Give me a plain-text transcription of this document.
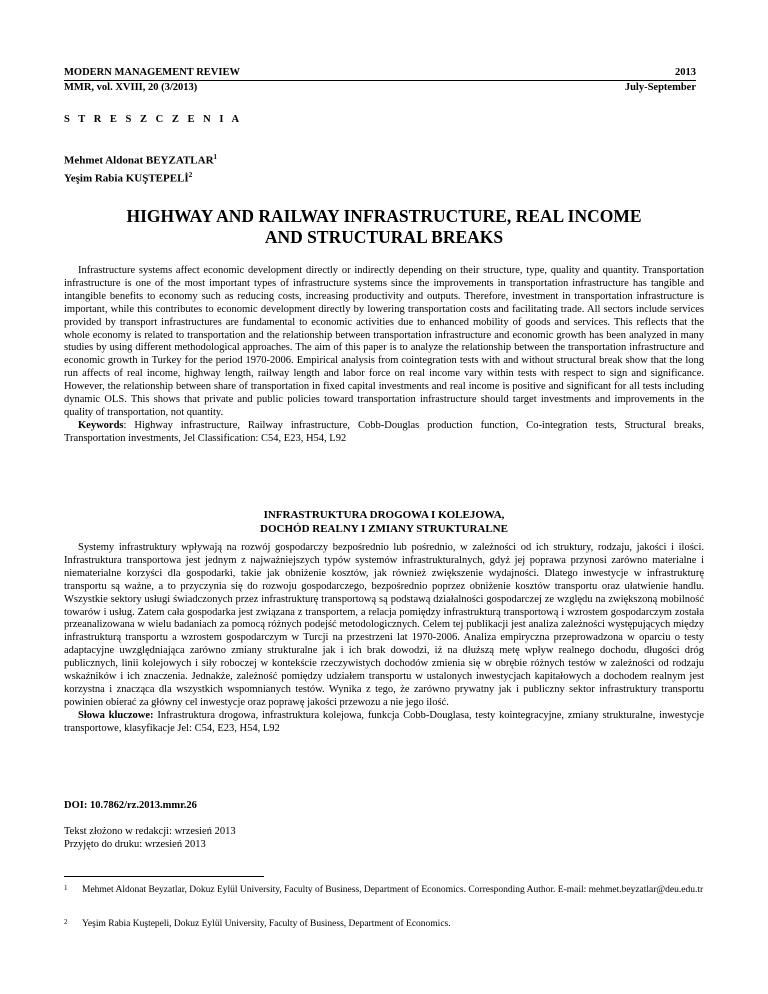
MODERN MANAGEMENT REVIEW	2013
MMR, vol. XVIII, 20 (3/2013)	July-September
S T R E S Z C Z E N I A
Mehmet Aldonat BEYZATLAR$^1$
Yeşim Rabia KUŞTEPELİ$^2$
HIGHWAY AND RAILWAY INFRASTRUCTURE, REAL INCOME
AND STRUCTURAL BREAKS

Infrastructure systems affect economic development directly or indirectly depending on their structure, type, quality and quantity. Transportation infrastructure is one of the most important types of infrastructure systems since the improvements in transportation infrastructure has tangible and intangible benefits to economy such as reducing costs, increasing productivity and outputs. Therefore, investment in transportation infrastructure is important, while this contributes to economic development directly by lowering transportation costs and facilitating trade. All sectors include services provided by transport infrastructures are fundamental to economic activities due to enhanced mobility of goods and services. This reflects that the whole economy is related to transportation and the relationship between transportation infrastructure and economic growth has been analyzed in many studies by using different methodological approaches. The aim of this paper is to analyze the relationship between the transportation infrastructure and economic growth in Turkey for the period 1970-2006. Empirical analysis from cointegration tests with and without structural break show that the long run affects of real income, highway length, railway length and labor force on real income vary within tests with respect to sign and significance. However, the relationship between share of transportation in fixed capital investments and real income is positive and significant for all tests including dynamic OLS. This shows that private and public policies toward transportation infrastructure should target investments and improvements in the quality of transportation, not quantity.

Keywords: Highway infrastructure, Railway infrastructure, Cobb-Douglas production function, Co-integration tests, Structural breaks, Transportation investments, Jel Classification: C54, E23, H54, L92

INFRASTRUKTURA DROGOWA I KOLEJOWA,
DOCHÓD REALNY I ZMIANY STRUKTURALNE

Systemy infrastruktury wpływają na rozwój gospodarczy bezpośrednio lub pośrednio, w zależności od ich struktury, rodzaju, jakości i ilości. Infrastruktura transportowa jest jednym z najważniejszych typów systemów infrastrukturalnych, gdyż jej poprawa przynosi zarówno materialne i niematerialne korzyści dla gospodarki, takie jak obniżenie kosztów, jak również zwiększenie wydajności. Dlatego inwestycje w infrastrukturę transportu są ważne, a to przyczynia się do rozwoju gospodarczego, bezpośrednio poprzez obniżenie kosztów transportu oraz ułatwienie handlu. Wszystkie sektory usługi świadczonych przez infrastrukturę transportową są podstawą działalności gospodarczej ze względu na zwiększoną mobilność towarów i usług. Zatem cała gospodarka jest związana z transportem, a relacja pomiędzy infrastrukturą transportową i wzrostem gospodarczym została przeanalizowana w wielu badaniach za pomocą różnych podejść metodologicznych. Celem tej publikacji jest analiza zależności występujących między infrastrukturą transportu a wzrostem gospodarczym w Turcji na przestrzeni lat 1970-2006. Analiza empiryczna przeprowadzona w oparciu o testy adaptacyjne uwzględniająca zarówno zmiany strukturalne jak i ich brak dowodzi, iż na dłuższą metę wpływ realnego dochodu, długości dróg publicznych, linii kolejowych i siły roboczej w kontekście rzeczywistych dochodów zmienia się w obrębie różnych testów w zależności od rodzaju wskaźników i ich znaczenia. Jednakże, zależność pomiędzy udziałem transportu w ustalonych inwestycjach kapitałowych a dochodem realnym jest korzystna i znacząca dla wszystkich wspomnianych testów. Wynika z tego, że zarówno prywatny jak i publiczny sektor infrastruktury transportu powinien obierać za główny cel inwestycje oraz poprawę jakości przewozu a nie jego ilość.

Słowa kluczowe: Infrastruktura drogowa, infrastruktura kolejowa, funkcja Cobb-Douglasa, testy kointegracyjne, zmiany strukturalne, inwestycje transportowe, klasyfikacje Jel: C54, E23, H54, L92

DOI: 10.7862/rz.2013.mmr.26
Tekst złożono w redakcji: wrzesień 2013
Przyjęto do druku: wrzesień 2013
1	Mehmet Aldonat Beyzatlar, Dokuz Eylül University, Faculty of Business, Department of Economics. Corresponding Author. E-mail: mehmet.beyzatlar@deu.edu.tr
2	Yeşim Rabia Kuştepeli, Dokuz Eylül University, Faculty of Business, Department of Economics.
